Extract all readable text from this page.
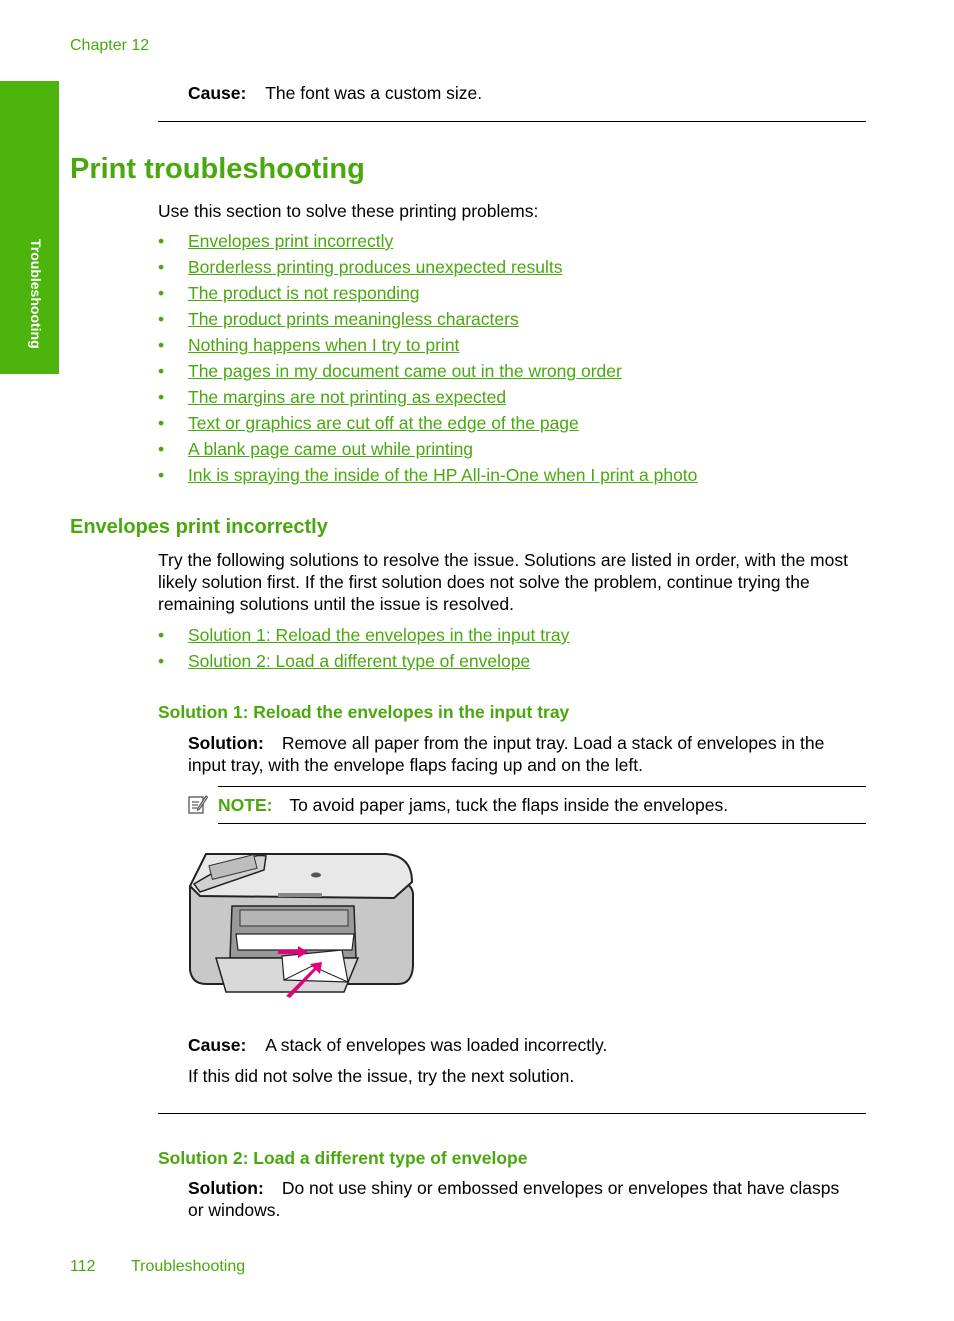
Chapter 12
Troubleshooting
Cause: The font was a custom size.
Print troubleshooting
Use this section to solve these printing problems:
• Envelopes print incorrectly
• Borderless printing produces unexpected results
• The product is not responding
• The product prints meaningless characters
• Nothing happens when I try to print
• The pages in my document came out in the wrong order
• The margins are not printing as expected
• Text or graphics are cut off at the edge of the page
• A blank page came out while printing
• Ink is spraying the inside of the HP All-in-One when I print a photo
Envelopes print incorrectly
Try the following solutions to resolve the issue. Solutions are listed in order, with the most
likely solution first. If the first solution does not solve the problem, continue trying the
remaining solutions until the issue is resolved.
• Solution 1: Reload the envelopes in the input tray
• Solution 2: Load a different type of envelope
Solution 1: Reload the envelopes in the input tray
Solution: Remove all paper from the input tray. Load a stack of envelopes in the
input tray, with the envelope flaps facing up and on the left.
NOTE: To avoid paper jams, tuck the flaps inside the envelopes.
Cause: A stack of envelopes was loaded incorrectly.
If this did not solve the issue, try the next solution.
Solution 2: Load a different type of envelope
Solution: Do not use shiny or embossed envelopes or envelopes that have clasps
or windows.
112 Troubleshooting
